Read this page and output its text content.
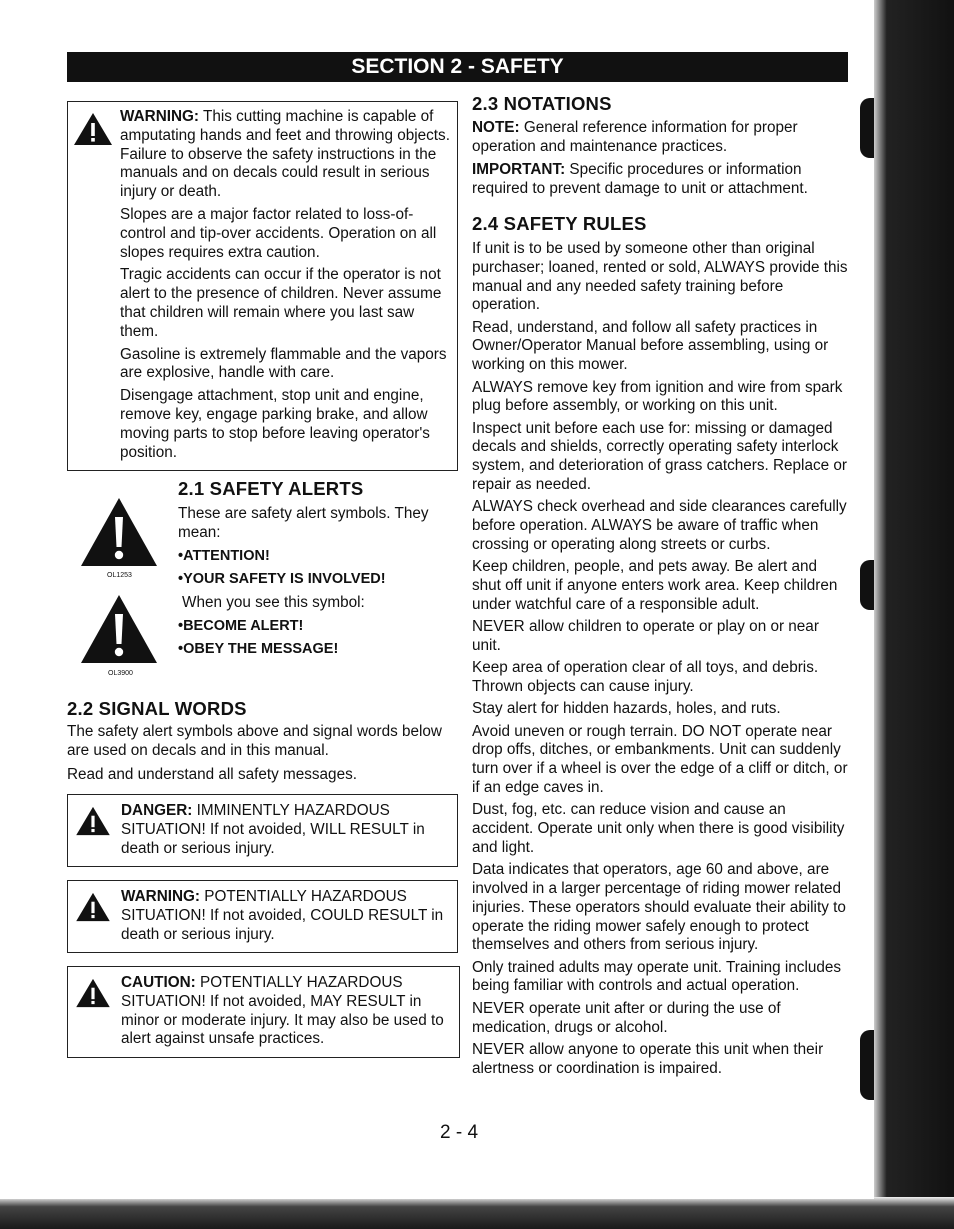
SECTION 2 - SAFETY

WARNING: This cutting machine is capable of amputating hands and feet and throwing objects. Failure to observe the safety instructions in the manuals and on decals could result in serious injury or death.

Slopes are a major factor related to loss-of-control and tip-over accidents. Operation on all slopes requires extra caution.

Tragic accidents can occur if the operator is not alert to the presence of children. Never assume that children will remain where you last saw them.

Gasoline is extremely flammable and the vapors are explosive, handle with care.

Disengage attachment, stop unit and engine, remove key, engage parking brake, and allow moving parts to stop before leaving operator's position.

2.1 SAFETY ALERTS
OL1253
OL3900
These are safety alert symbols. They mean:
•ATTENTION!
•YOUR SAFETY IS INVOLVED!
When you see this symbol:
•BECOME ALERT!
•OBEY THE MESSAGE!
2.2 SIGNAL WORDS
The safety alert symbols above and signal words below are used on decals and in this manual.
Read and understand all safety messages.
DANGER: IMMINENTLY HAZARDOUS SITUATION! If not avoided, WILL RESULT in death or serious injury.
WARNING: POTENTIALLY HAZARDOUS SITUATION! If not avoided, COULD RESULT in death or serious injury.
CAUTION: POTENTIALLY HAZARDOUS SITUATION! If not avoided, MAY RESULT in minor or moderate injury. It may also be used to alert against unsafe practices.
2.3 NOTATIONS
NOTE: General reference information for proper operation and maintenance practices.
IMPORTANT: Specific procedures or information required to prevent damage to unit or attachment.
2.4 SAFETY RULES

If unit is to be used by someone other than original purchaser; loaned, rented or sold, ALWAYS provide this manual and any needed safety training before operation.

Read, understand, and follow all safety practices in Owner/Operator Manual before assembling, using or working on this mower.

ALWAYS remove key from ignition and wire from spark plug before assembly, or working on this unit.

Inspect unit before each use for: missing or damaged decals and shields, correctly operating safety interlock system, and deterioration of grass catchers. Replace or repair as needed.

ALWAYS check overhead and side clearances carefully before operation. ALWAYS be aware of traffic when crossing or operating along streets or curbs.

Keep children, people, and pets away. Be alert and shut off unit if anyone enters work area. Keep children under watchful care of a responsible adult.

NEVER allow children to operate or play on or near unit.

Keep area of operation clear of all toys, and debris. Thrown objects can cause injury.

Stay alert for hidden hazards, holes, and ruts.

Avoid uneven or rough terrain. DO NOT operate near drop offs, ditches, or embankments. Unit can suddenly turn over if a wheel is over the edge of a cliff or ditch, or if an edge caves in.

Dust, fog, etc. can reduce vision and cause an accident. Operate unit only when there is good visibility and light.

Data indicates that operators, age 60 and above, are involved in a larger percentage of riding mower related injuries. These operators should evaluate their ability to operate the riding mower safely enough to protect themselves and others from serious injury.

Only trained adults may operate unit. Training includes being familiar with controls and actual operation.

NEVER operate unit after or during the use of medication, drugs or alcohol.

NEVER allow anyone to operate this unit when their alertness or coordination is impaired.

2 - 4
